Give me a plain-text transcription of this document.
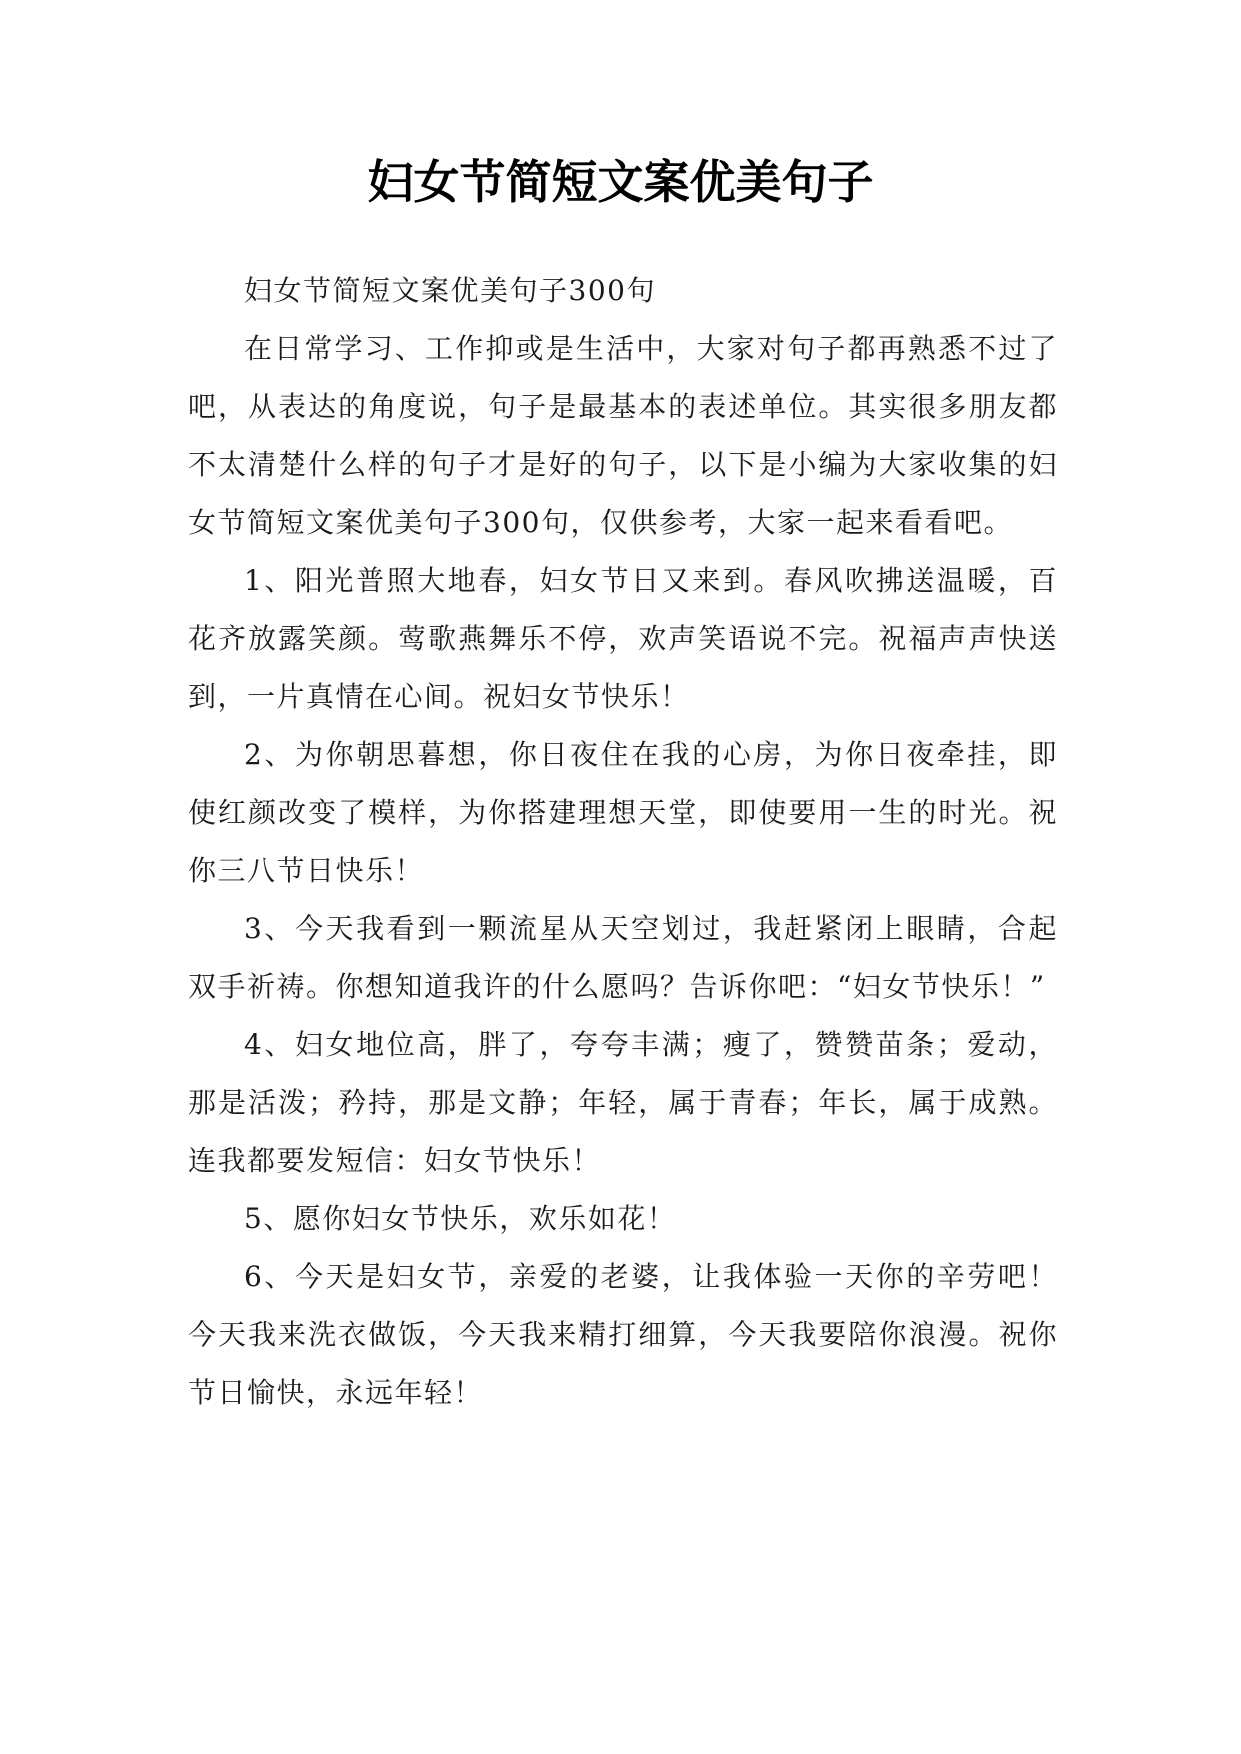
妇女节简短文案优美句子

妇女节简短文案优美句子300句

在日常学习、工作抑或是生活中，大家对句子都再熟悉不过了吧，从表达的角度说，句子是最基本的表述单位。其实很多朋友都不太清楚什么样的句子才是好的句子，以下是小编为大家收集的妇女节简短文案优美句子300句，仅供参考，大家一起来看看吧。

1、阳光普照大地春，妇女节日又来到。春风吹拂送温暖，百花齐放露笑颜。莺歌燕舞乐不停，欢声笑语说不完。祝福声声快送到，一片真情在心间。祝妇女节快乐！

2、为你朝思暮想，你日夜住在我的心房，为你日夜牵挂，即使红颜改变了模样，为你搭建理想天堂，即使要用一生的时光。祝你三八节日快乐！

3、今天我看到一颗流星从天空划过，我赶紧闭上眼睛，合起双手祈祷。你想知道我许的什么愿吗？告诉你吧：“妇女节快乐！”

4、妇女地位高，胖了，夸夸丰满；瘦了，赞赞苗条；爱动，那是活泼；矜持，那是文静；年轻，属于青春；年长，属于成熟。连我都要发短信：妇女节快乐！

5、愿你妇女节快乐，欢乐如花！

6、今天是妇女节，亲爱的老婆，让我体验一天你的辛劳吧！今天我来洗衣做饭，今天我来精打细算，今天我要陪你浪漫。祝你节日愉快，永远年轻！
